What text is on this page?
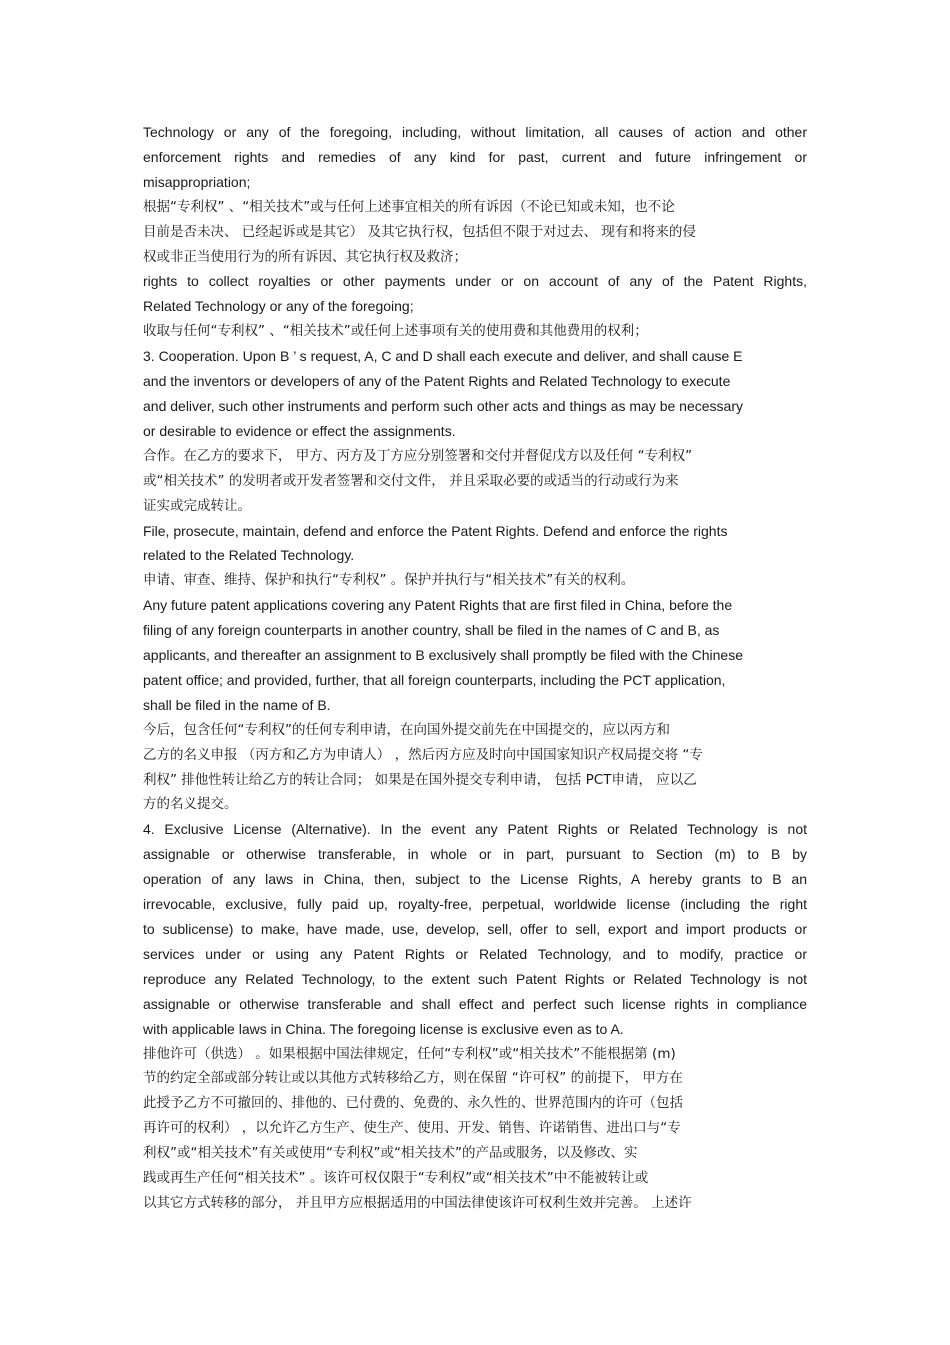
Technology or any of the foregoing, including, without limitation, all causes of action and other
enforcement rights and remedies of any kind for past, current and future infringement or
misappropriation;
根据“专利权” 、“相关技术”或与任何上述事宜相关的所有诉因（不论已知或未知，也不论
目前是否未决、 已经起诉或是其它） 及其它执行权，包括但不限于对过去、 现有和将来的侵
权或非正当使用行为的所有诉因、其它执行权及救济；
rights to collect royalties or other payments under or on account of any of the Patent Rights,
Related Technology or any of the foregoing;
收取与任何“专利权” 、“相关技术”或任何上述事项有关的使用费和其他费用的权利；
3. Cooperation. Upon B ’ s request, A, C and D shall each execute and deliver, and shall cause E
and the inventors or developers of any of the Patent Rights and Related Technology to execute
and deliver, such other instruments and perform such other acts and things as may be necessary
or desirable to evidence or effect the assignments.
合作。在乙方的要求下， 甲方、丙方及丁方应分别签署和交付并督促戊方以及任何 “专利权”
或“相关技术” 的发明者或开发者签署和交付文件， 并且采取必要的或适当的行动或行为来
证实或完成转让。
File, prosecute, maintain, defend and enforce the Patent Rights. Defend and enforce the rights
related to the Related Technology.
申请、审查、维持、保护和执行“专利权” 。保护并执行与“相关技术”有关的权利。
Any future patent applications covering any Patent Rights that are first filed in China, before the
filing of any foreign counterparts in another country, shall be filed in the names of C and B, as
applicants, and thereafter an assignment to B exclusively shall promptly be filed with the Chinese
patent office; and provided, further, that all foreign counterparts, including the PCT application,
shall be filed in the name of B.
今后，包含任何“专利权”的任何专利申请，在向国外提交前先在中国提交的，应以丙方和
乙方的名义申报 （丙方和乙方为申请人） ，然后丙方应及时向中国国家知识产权局提交将 “专
利权” 排他性转让给乙方的转让合同； 如果是在国外提交专利申请， 包括 PCT申请， 应以乙
方的名义提交。
4. Exclusive License (Alternative). In the event any Patent Rights or Related Technology is not
assignable or otherwise transferable, in whole or in part, pursuant to Section (m) to B by
operation of any laws in China, then, subject to the License Rights, A hereby grants to B an
irrevocable, exclusive, fully paid up, royalty-free, perpetual, worldwide license (including the right
to sublicense) to make, have made, use, develop, sell, offer to sell, export and import products or
services under or using any Patent Rights or Related Technology, and to modify, practice or
reproduce any Related Technology, to the extent such Patent Rights or Related Technology is not
assignable or otherwise transferable and shall effect and perfect such license rights in compliance
with applicable laws in China. The foregoing license is exclusive even as to A.
排他许可（供选） 。如果根据中国法律规定，任何“专利权”或“相关技术”不能根据第 (m)
节的约定全部或部分转让或以其他方式转移给乙方，则在保留 “许可权” 的前提下， 甲方在
此授予乙方不可撤回的、排他的、已付费的、免费的、永久性的、世界范围内的许可（包括
再许可的权利） ，以允许乙方生产、使生产、使用、开发、销售、许诺销售、进出口与“专
利权”或“相关技术”有关或使用“专利权”或“相关技术”的产品或服务，以及修改、实
践或再生产任何“相关技术” 。该许可权仅限于“专利权”或“相关技术”中不能被转让或
以其它方式转移的部分， 并且甲方应根据适用的中国法律使该许可权利生效并完善。 上述许
